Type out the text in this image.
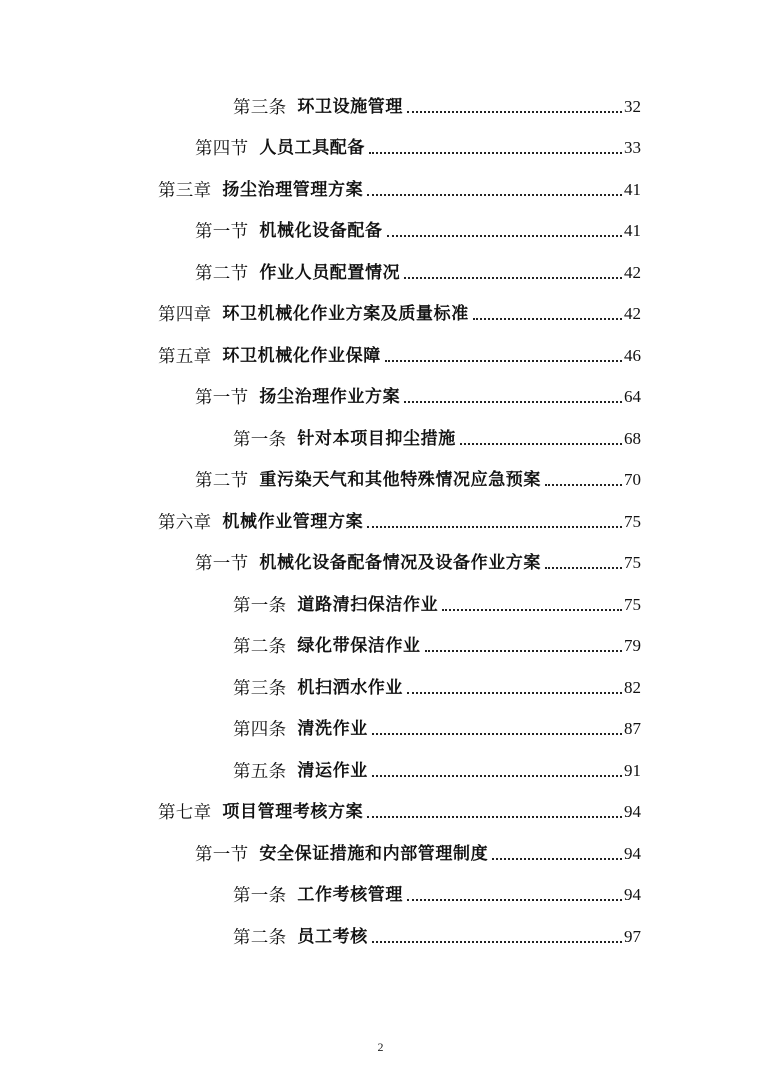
第三条 环卫设施管理	32
第四节 人员工具配备	33
第三章 扬尘治理管理方案	41
第一节 机械化设备配备	41
第二节 作业人员配置情况	42
第四章 环卫机械化作业方案及质量标准	42
第五章 环卫机械化作业保障	46
第一节 扬尘治理作业方案	64
第一条 针对本项目抑尘措施	68
第二节 重污染天气和其他特殊情况应急预案	70
第六章 机械作业管理方案	75
第一节 机械化设备配备情况及设备作业方案	75
第一条 道路清扫保洁作业	75
第二条 绿化带保洁作业	79
第三条 机扫洒水作业	82
第四条 清洗作业	87
第五条 清运作业	91
第七章 项目管理考核方案	94
第一节 安全保证措施和内部管理制度	94
第一条 工作考核管理	94
第二条 员工考核	97
2
